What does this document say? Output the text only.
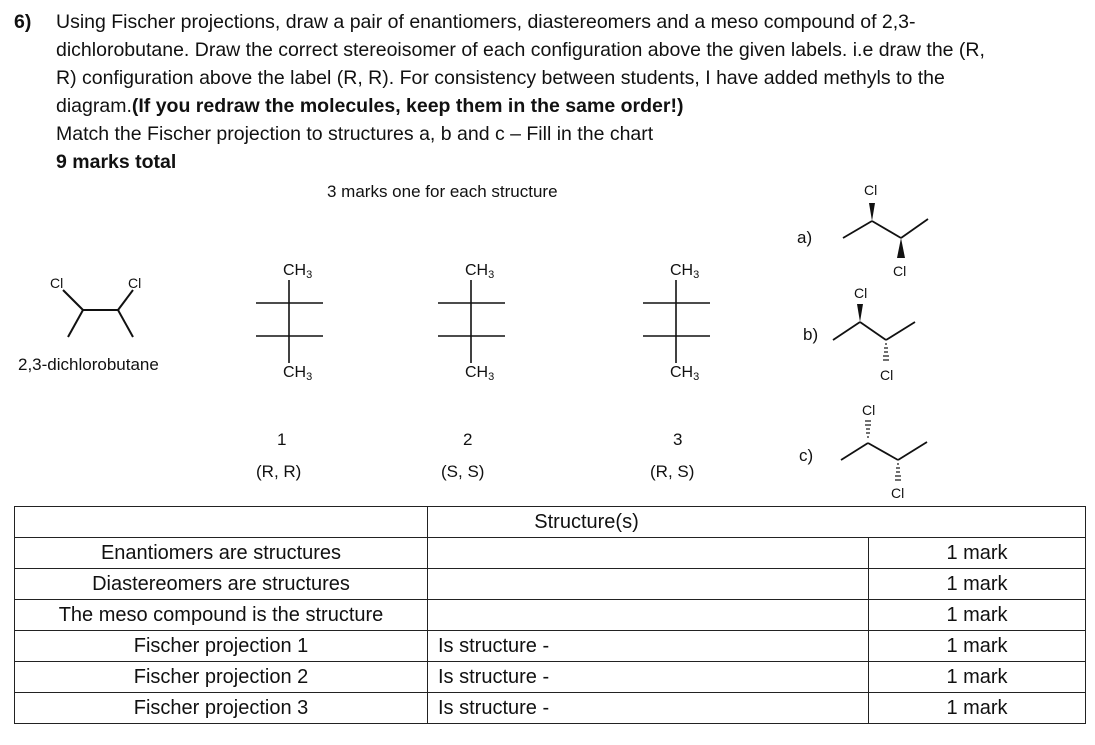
6) Using Fischer projections, draw a pair of enantiomers, diastereomers and a meso compound of 2,3-
dichlorobutane. Draw the correct stereoisomer of each configuration above the given labels. i.e draw the (R,
R) configuration above the label (R, R). For consistency between students, I have added methyls to the
diagram.(If you redraw the molecules, keep them in the same order!)
Match the Fischer projection to structures a, b and c – Fill in the chart
9 marks total
3 marks one for each structure
Cl	Cl
Cl
Cl
Cl
Cl
Cl
Cl
2,3-dichlorobutane
$CH_3$
$CH_3$
$CH_3$
$CH_3$
$CH_3$
$CH_3$
1
(R, R)
2
(S, S)
3
(R, S)
a)
b)
c)
	Structure(s)	
Enantiomers are structures		1 mark
Diastereomers are structures		1 mark
The meso compound is the structure		1 mark
Fischer projection 1	Is structure -	1 mark
Fischer projection 2	Is structure -	1 mark
Fischer projection 3	Is structure -	1 mark
